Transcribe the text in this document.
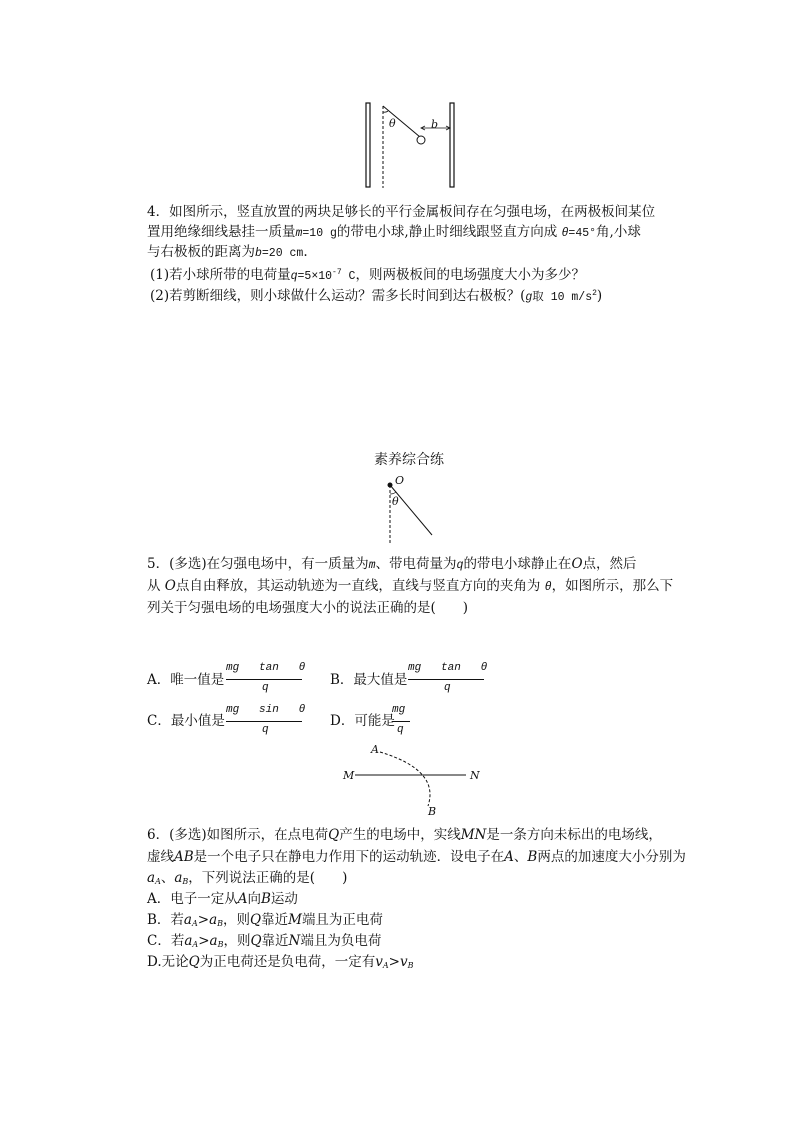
θ	b
4．如图所示，竖直放置的两块足够长的平行金属板间存在匀强电场，在两极板间某位
置用绝缘细线悬挂一质量m=10 g的带电小球,静止时细线跟竖直方向成 θ=45°角,小球
与右极板的距离为b=20 cm.
(1)若小球所带的电荷量$q=5\times 10^{-7}$ C，则两极板间的电场强度大小为多少？
(2)若剪断细线，则小球做什么运动？需多长时间到达右极板？(g取 10 $m/s^2$)
素养综合练
O
θ
5．(多选)在匀强电场中，有一质量为m、带电荷量为q的带电小球静止在O点，然后
从 O点自由释放，其运动轨迹为一直线，直线与竖直方向的夹角为 θ，如图所示，那么下
列关于匀强电场的电场强度大小的说法正确的是(　　)
A．唯一值是
mg   tan   θ
q	B．最大值是
mg   tan   θ
q
C．最小值是
mg   sin   θ
q
D．可能是
mg
q
A
M	N
B
6．(多选)如图所示，在点电荷Q产生的电场中，实线MN是一条方向未标出的电场线，
虚线AB是一个电子只在静电力作用下的运动轨迹．设电子在A、B两点的加速度大小分别为
$a_A$、$a_B$，下列说法正确的是(　　)
A．电子一定从A向B运动
B．若$a_A>a_B$，则Q靠近M端且为正电荷
C．若$a_A>a_B$，则Q靠近N端且为负电荷
D.无论Q为正电荷还是负电荷，一定有$v_A>v_B$
